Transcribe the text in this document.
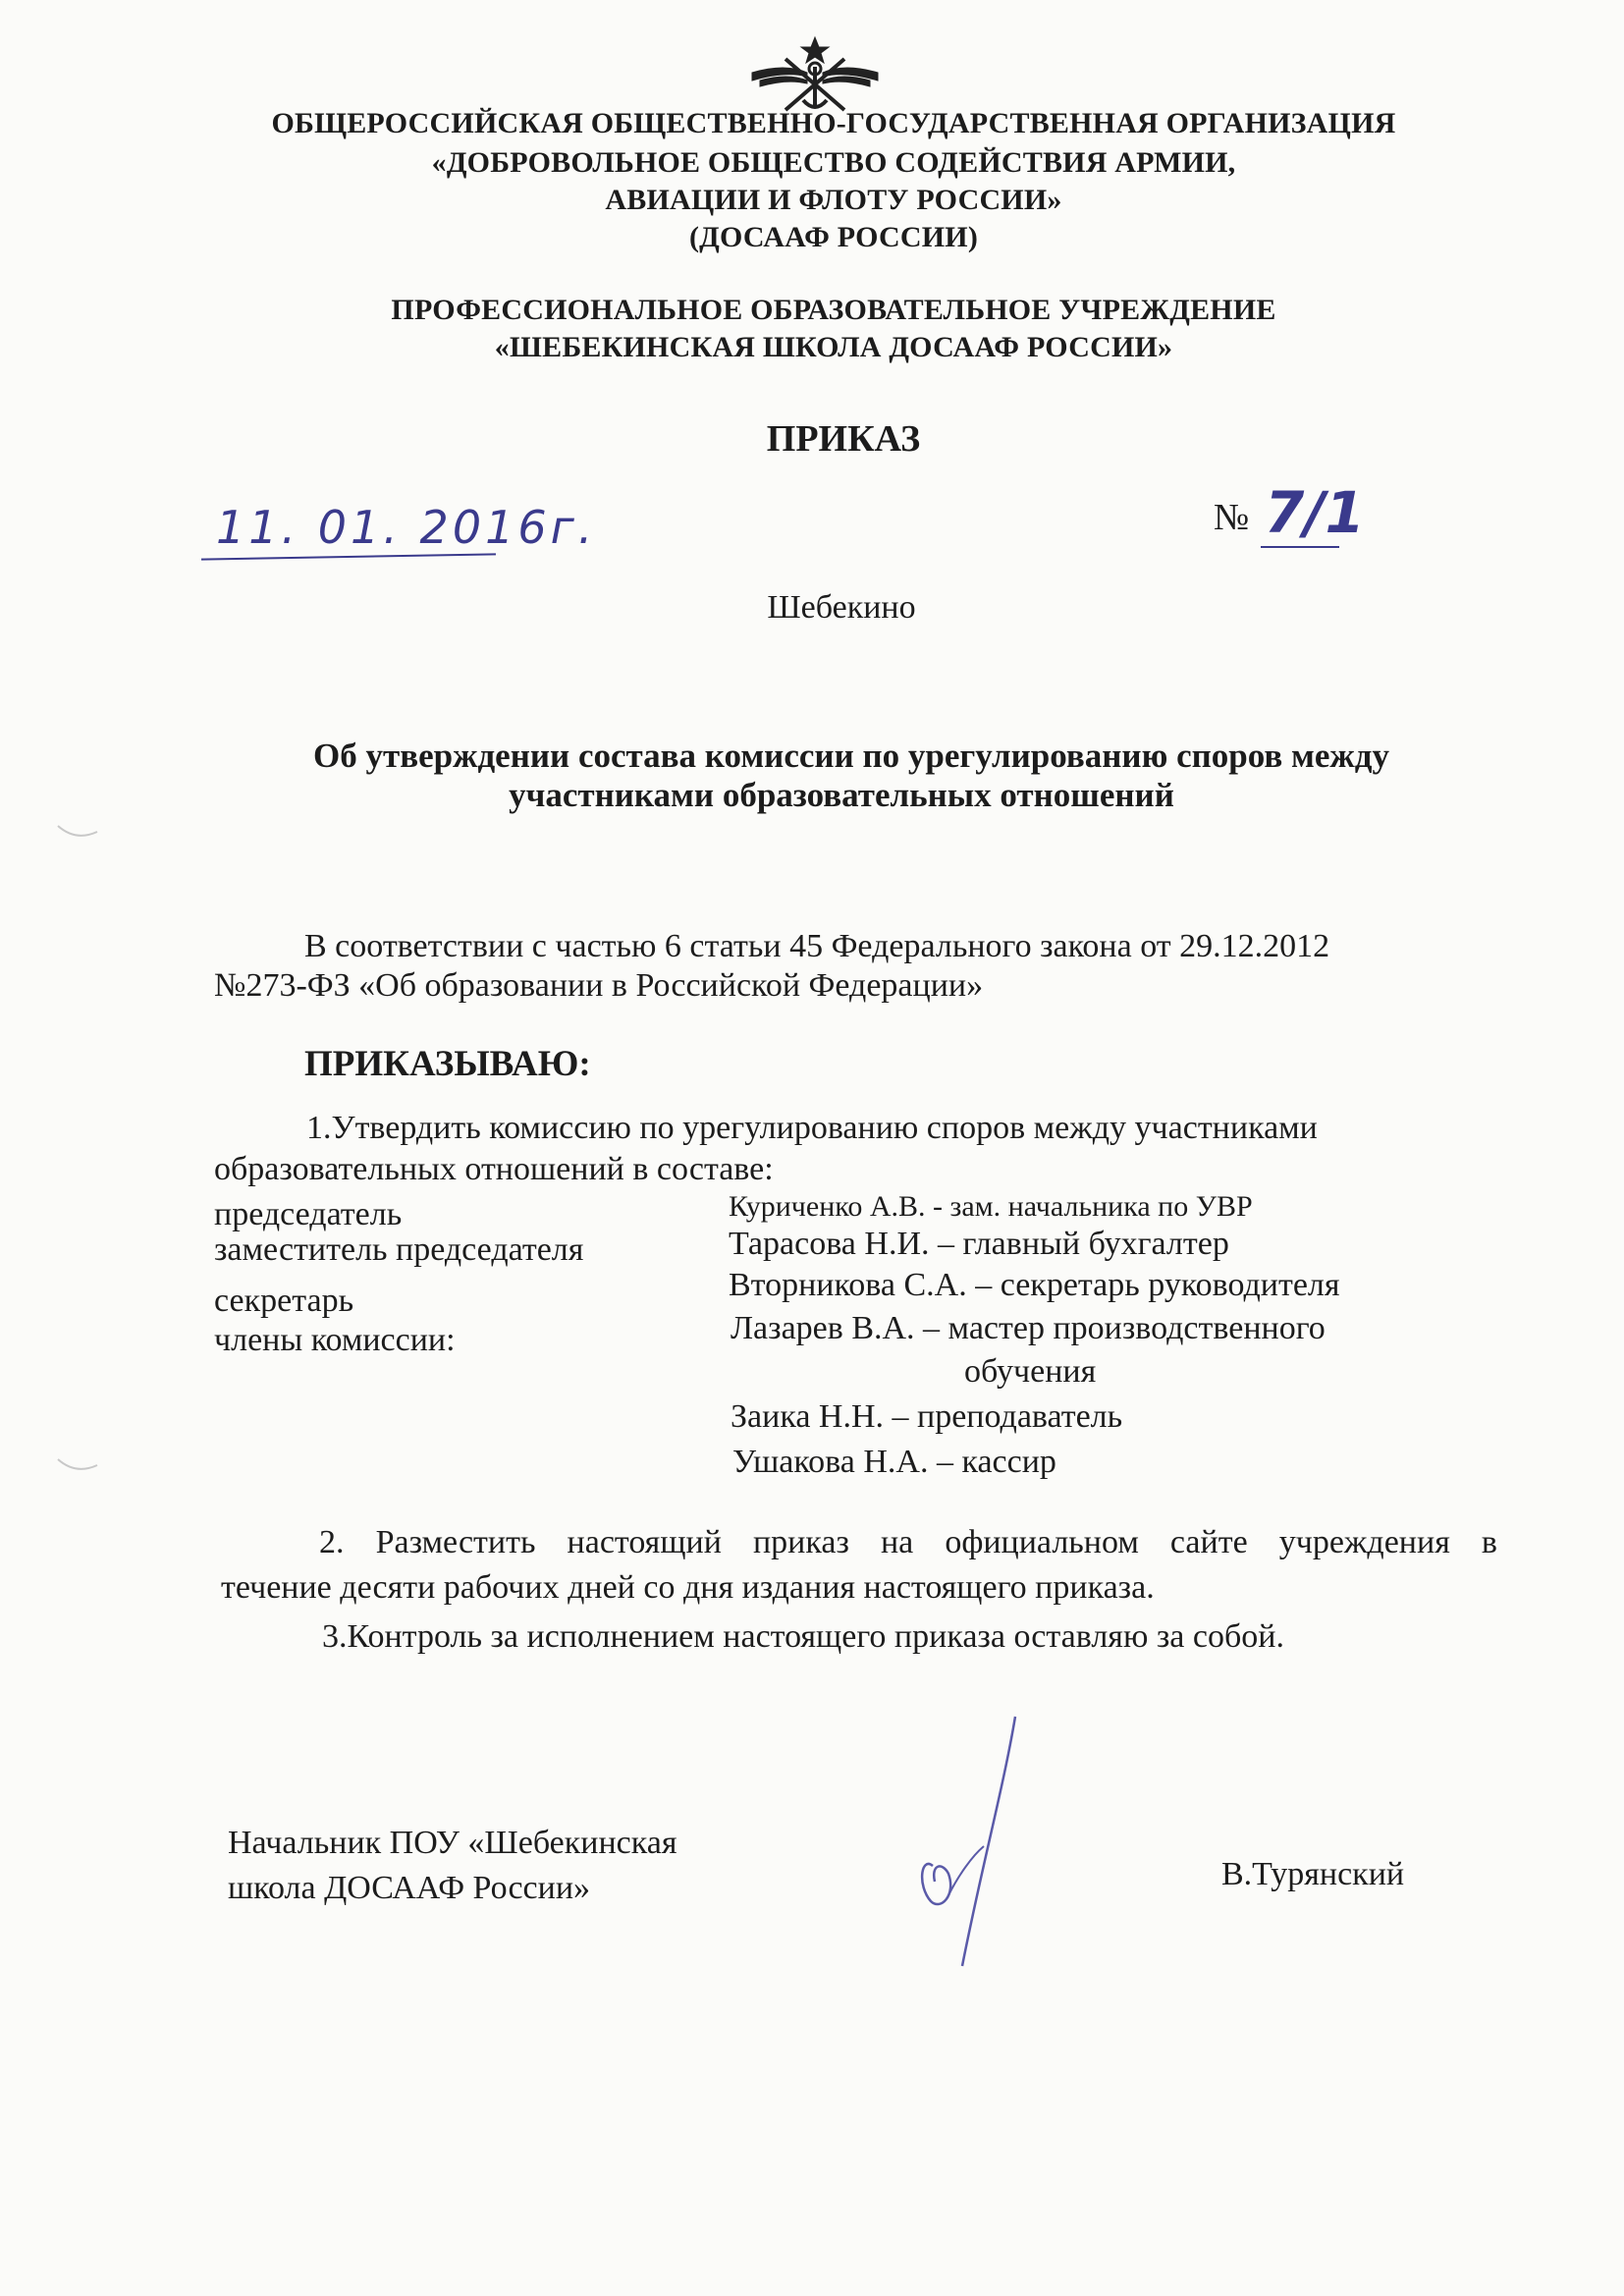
ОБЩЕРОССИЙСКАЯ ОБЩЕСТВЕННО-ГОСУДАРСТВЕННАЯ ОРГАНИЗАЦИЯ
«ДОБРОВОЛЬНОЕ ОБЩЕСТВО СОДЕЙСТВИЯ АРМИИ,
АВИАЦИИ И ФЛОТУ РОССИИ»
(ДОСААФ РОССИИ)
ПРОФЕССИОНАЛЬНОЕ ОБРАЗОВАТЕЛЬНОЕ УЧРЕЖДЕНИЕ
«ШЕБЕКИНСКАЯ ШКОЛА ДОСААФ РОССИИ»
ПРИКАЗ
11. 01. 2016г.	№ 7/1
Шебекино
Об утверждении состава комиссии по урегулированию споров между
участниками образовательных отношений
В соответствии с частью 6 статьи 45 Федерального закона от 29.12.2012
№273-ФЗ «Об образовании в Российской Федерации»
ПРИКАЗЫВАЮ:
1.Утвердить комиссию по урегулированию споров между участниками
образовательных отношений в составе:
председатель	Куриченко А.В. - зам. начальника по УВР
заместитель председателя	Тарасова Н.И. – главный бухгалтер
секретарь	Вторникова С.А. – секретарь руководителя
члены комиссии:	Лазарев В.А. – мастер производственного
обучения
Заика Н.Н. – преподаватель
Ушакова Н.А. – кассир
2. Разместить настоящий приказ на официальном сайте учреждения в
течение десяти рабочих дней со дня издания настоящего приказа.
3.Контроль за исполнением настоящего приказа оставляю за собой.
Начальник ПОУ «Шебекинская
школа ДОСААФ России»	В.Турянский
